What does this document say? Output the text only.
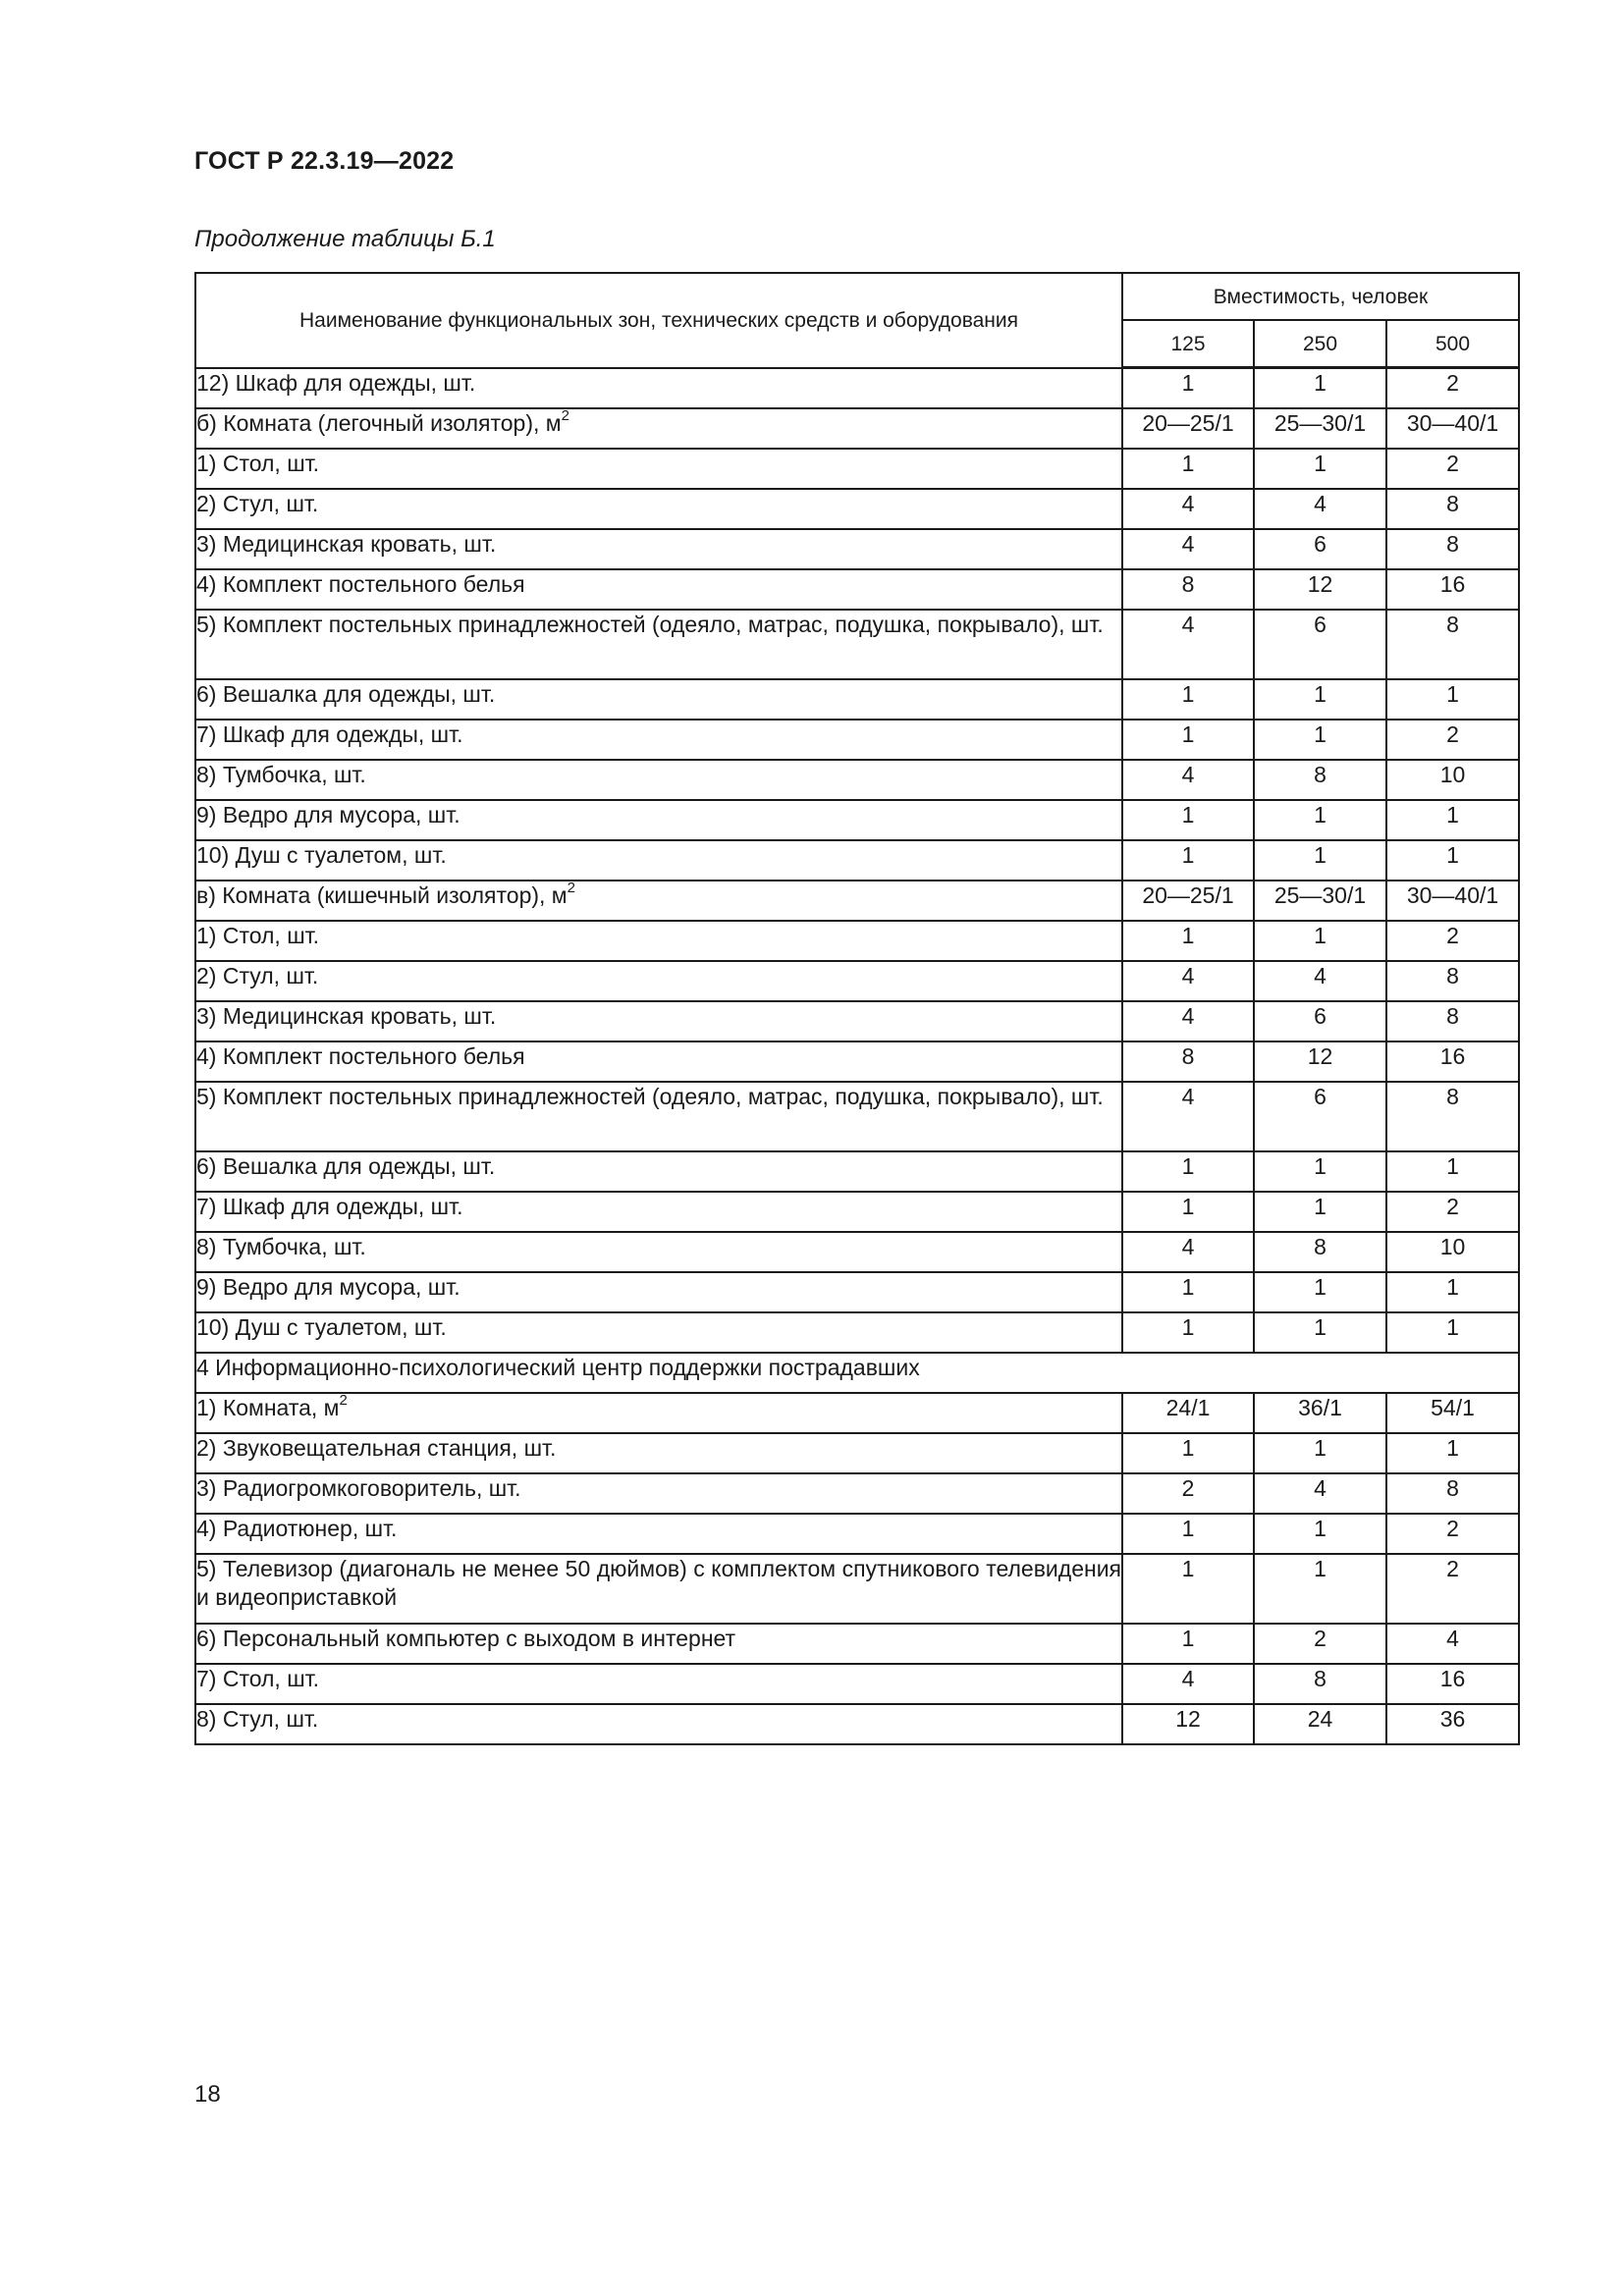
ГОСТ Р 22.3.19—2022
Продолжение таблицы Б.1
Наименование функциональных зон, технических средств и оборудования	Вместимость, человек		
	125	250	500
12) Шкаф для одежды, шт.	1	1	2
б) Комната (легочный изолятор), $м^2$	20—25/1	25—30/1	30—40/1
1) Стол, шт.	1	1	2
2) Стул, шт.	4	4	8
3) Медицинская кровать, шт.	4	6	8
4) Комплект постельного белья	8	12	16
5) Комплект постельных принадлежностей (одеяло, матрас, подушка, покрывало), шт.	4	6	8
6) Вешалка для одежды, шт.	1	1	1
7) Шкаф для одежды, шт.	1	1	2
8) Тумбочка, шт.	4	8	10
9) Ведро для мусора, шт.	1	1	1
10) Душ с туалетом, шт.	1	1	1
в) Комната (кишечный изолятор), $м^2$	20—25/1	25—30/1	30—40/1
1) Стол, шт.	1	1	2
2) Стул, шт.	4	4	8
3) Медицинская кровать, шт.	4	6	8
4) Комплект постельного белья	8	12	16
5) Комплект постельных принадлежностей (одеяло, матрас, подушка, покрывало), шт.	4	6	8
6) Вешалка для одежды, шт.	1	1	1
7) Шкаф для одежды, шт.	1	1	2
8) Тумбочка, шт.	4	8	10
9) Ведро для мусора, шт.	1	1	1
10) Душ с туалетом, шт.	1	1	1
4 Информационно-психологический центр поддержки пострадавших			
1) Комната, $м^2$	24/1	36/1	54/1
2) Звуковещательная станция, шт.	1	1	1
3) Радиогромкоговоритель, шт.	2	4	8
4) Радиотюнер, шт.	1	1	2
5) Телевизор (диагональ не менее 50 дюймов) с комплектом спутникового телевидения и видеоприставкой	1	1	2
6) Персональный компьютер с выходом в интернет	1	2	4
7) Стол, шт.	4	8	16
8) Стул, шт.	12	24	36
18
